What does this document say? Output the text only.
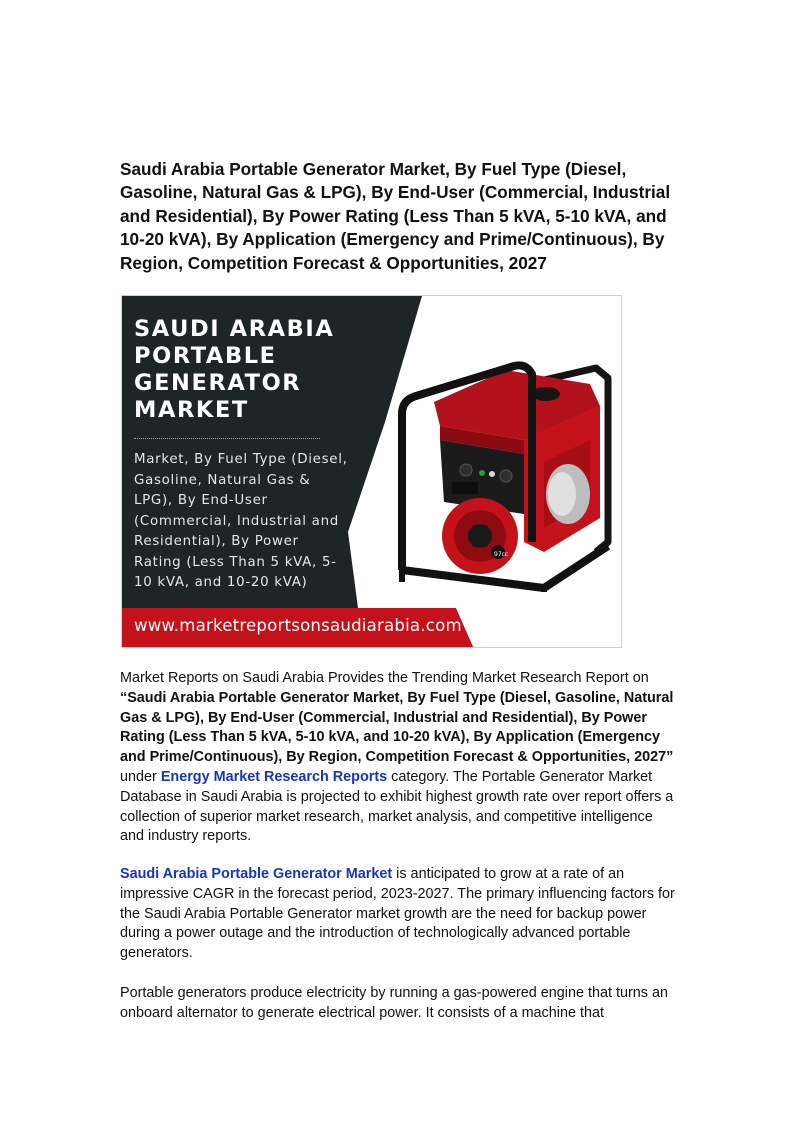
Saudi Arabia Portable Generator Market, By Fuel Type (Diesel, Gasoline, Natural Gas & LPG), By End-User (Commercial, Industrial and Residential), By Power Rating (Less Than 5 kVA, 5-10 kVA, and 10-20 kVA), By Application (Emergency and Prime/Continuous), By Region, Competition Forecast & Opportunities, 2027
SAUDI ARABIA
PORTABLE
GENERATOR
MARKET
Market, By Fuel Type (Diesel, Gasoline, Natural Gas & LPG), By End-User (Commercial, Industrial and Residential), By Power Rating (Less Than 5 kVA, 5-10 kVA, and 10-20 kVA)
www.marketreportsonsaudiarabia.com
97cc

Market Reports on Saudi Arabia Provides the Trending Market Research Report on “Saudi Arabia Portable Generator Market, By Fuel Type (Diesel, Gasoline, Natural Gas & LPG), By End-User (Commercial, Industrial and Residential), By Power Rating (Less Than 5 kVA, 5-10 kVA, and 10-20 kVA), By Application (Emergency and Prime/Continuous), By Region, Competition Forecast & Opportunities, 2027” under Energy Market Research Reports category. The Portable Generator Market Database in Saudi Arabia is projected to exhibit highest growth rate over report offers a collection of superior market research, market analysis, and competitive intelligence and industry reports.

Saudi Arabia Portable Generator Market is anticipated to grow at a rate of an impressive CAGR in the forecast period, 2023-2027. The primary influencing factors for the Saudi Arabia Portable Generator market growth are the need for backup power during a power outage and the introduction of technologically advanced portable generators.

Portable generators produce electricity by running a gas-powered engine that turns an onboard alternator to generate electrical power. It consists of a machine that
